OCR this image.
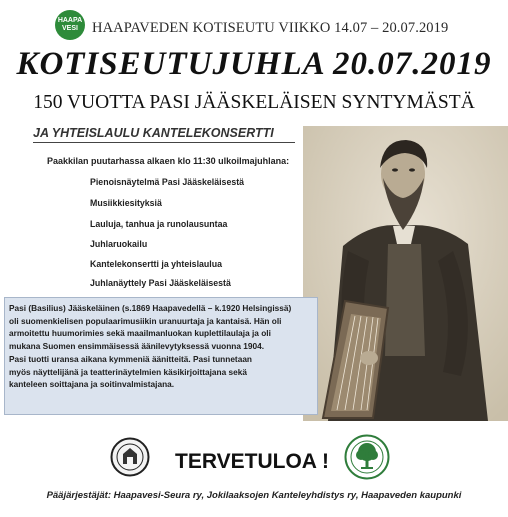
HAAPA
VESI HAAPAVEDEN KOTISEUTU VIIKKO 14.07 – 20.07.2019
KOTISEUTUJUHLA 20.07.2019
150 VUOTTA PASI JÄÄSKELÄISEN SYNTYMÄSTÄ
JA YHTEISLAULU KANTELEKONSERTTI
Paakkilan puutarhassa alkaen klo 11:30 ulkoilmajuhlana:
Pienoisnäytelmä Pasi Jääskeläisestä
Musiikkiesityksiä
Lauluja, tanhua ja runolausuntaa
Juhlaruokailu
Kantelekonsertti ja yhteislaulua
Juhlanäyttely Pasi Jääskeläisestä

Pasi (Basilius) Jääskeläinen (s.1869 Haapavedellä – k.1920 Helsingissä)

oli suomenkielisen populaarimusiikin uranuurtaja ja kantaisä. Hän oli

armoitettu huumorimies sekä maailmanluokan kuplettilaulaja ja oli

mukana Suomen ensimmäisessä äänilevytyksessä vuonna 1904.

Pasi tuotti uransa aikana kymmeniä äänitteitä. Pasi tunnetaan

myös näyttelijänä ja teatterinäytelmien käsikirjoittajana sekä

kanteleen soittajana ja soitinvalmistajana.

TERVETULOA !
Pääjärjestäjät: Haapavesi-Seura ry, Jokilaaksojen Kanteleyhdistys ry, Haapaveden kaupunki
